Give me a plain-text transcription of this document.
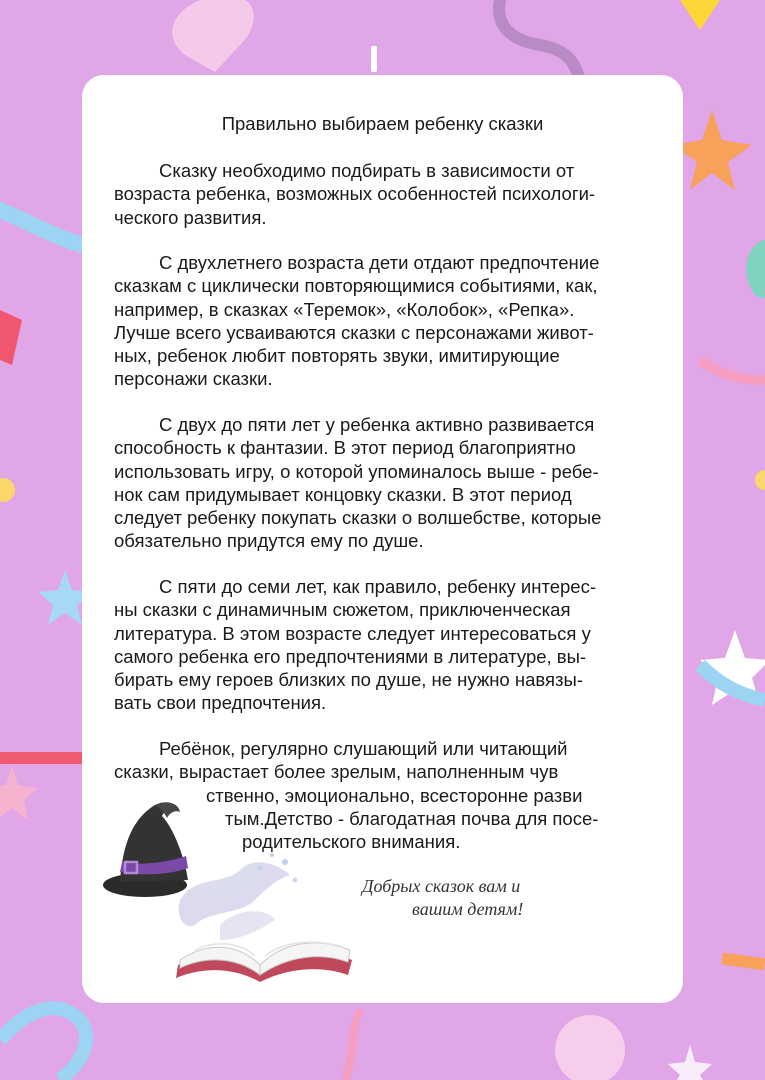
Правильно выбираем ребенку сказки

Сказку необходимо подбирать в зависимости от
возраста ребенка, возможных особенностей психологи-
ческого развития.

С двухлетнего возраста дети отдают предпочтение
сказкам с циклически повторяющимися событиями, как,
например, в сказках «Теремок», «Колобок», «Репка».
Лучше всего усваиваются сказки с персонажами живот-
ных, ребенок любит повторять звуки, имитирующие
персонажи сказки.

С двух до пяти лет у ребенка активно развивается
способность к фантазии. В этот период благоприятно
использовать игру, о которой упоминалось выше - ребе-
нок сам придумывает концовку сказки. В этот период
следует ребенку покупать сказки о волшебстве, которые
обязательно придутся ему по душе.

С пяти до семи лет, как правило, ребенку интерес-
ны сказки с динамичным сюжетом, приключенческая
литература. В этом возрасте следует интересоваться у
самого ребенка его предпочтениями в литературе, вы-
бирать ему героев близких по душе, не нужно навязы-
вать свои предпочтения.

Ребёнок, регулярно слушающий или читающий
сказки, вырастает более зрелым, наполненным чув
ственно, эмоционально, всесторонне разви
тым.Детство - благодатная почва для посе-
родительского внимания.

Добрых сказок вам и
вашим детям!
